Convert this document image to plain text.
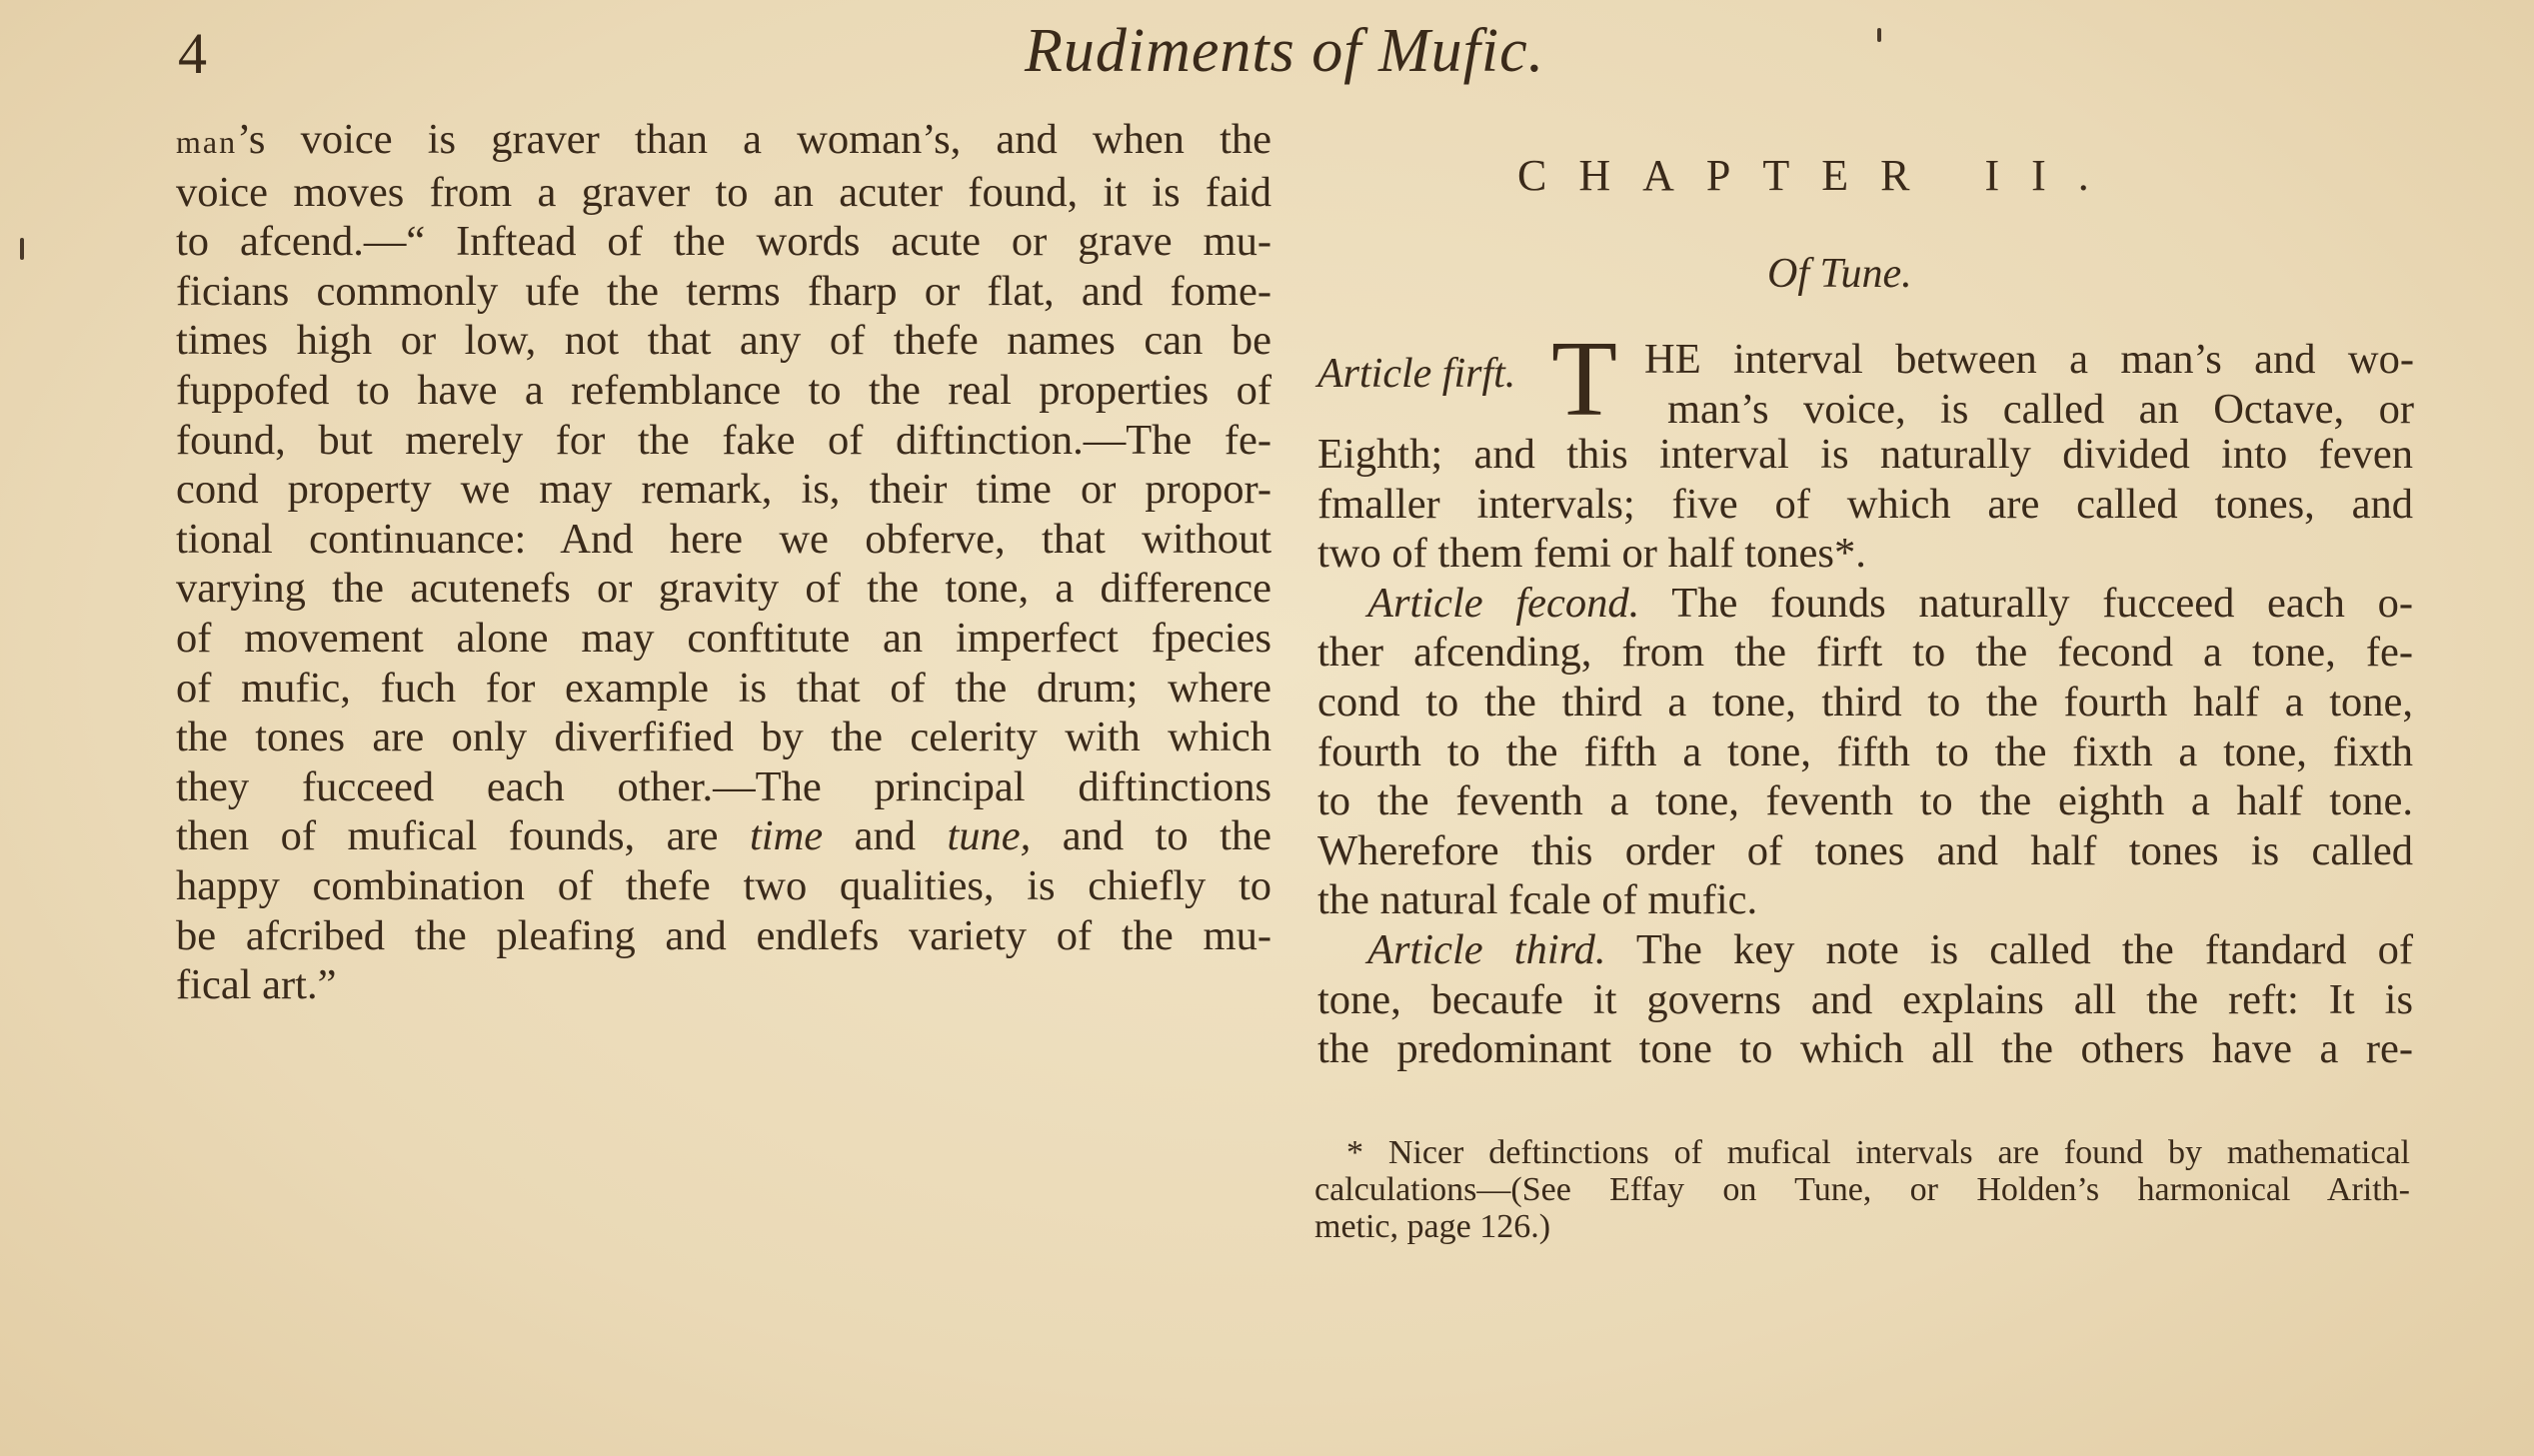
4	Rudiments of Mufic.
man’s voice is graver than a woman’s, and when the
voice moves from a graver to an acuter found, it is faid
to afcend.—“ Inftead of the words acute or grave mu-
ficians commonly ufe the terms fharp or flat, and fome-
times high or low, not that any of thefe names can be
fuppofed to have a refemblance to the real properties of
found, but merely for the fake of diftinction.—The fe-
cond property we may remark, is, their time or propor-
tional continuance: And here we obferve, that without
varying the acutenefs or gravity of the tone, a difference
of movement alone may conftitute an imperfect fpecies
of mufic, fuch for example is that of the drum; where
the tones are only diverfified by the celerity with which
they fucceed each other.—The principal diftinctions
then of mufical founds, are time and tune, and to the
happy combination of thefe two qualities, is chiefly to
be afcribed the pleafing and endlefs variety of the mu-
fical art.”
CHAPTER II.
Of Tune.
Article firft. T HE interval between a man’s and wo-
man’s voice, is called an Octave, or
Eighth; and this interval is naturally divided into feven
fmaller intervals; five of which are called tones, and
two of them femi or half tones*.
Article fecond. The founds naturally fucceed each o-
ther afcending, from the firft to the fecond a tone, fe-
cond to the third a tone, third to the fourth half a tone,
fourth to the fifth a tone, fifth to the fixth a tone, fixth
to the feventh a tone, feventh to the eighth a half tone.
Wherefore this order of tones and half tones is called
the natural fcale of mufic.
Article third. The key note is called the ftandard of
tone, becaufe it governs and explains all the reft: It is
the predominant tone to which all the others have a re-
* Nicer deftinctions of mufical intervals are found by mathematical
calculations—(See Effay on Tune, or Holden’s harmonical Arith-
metic, page 126.)
